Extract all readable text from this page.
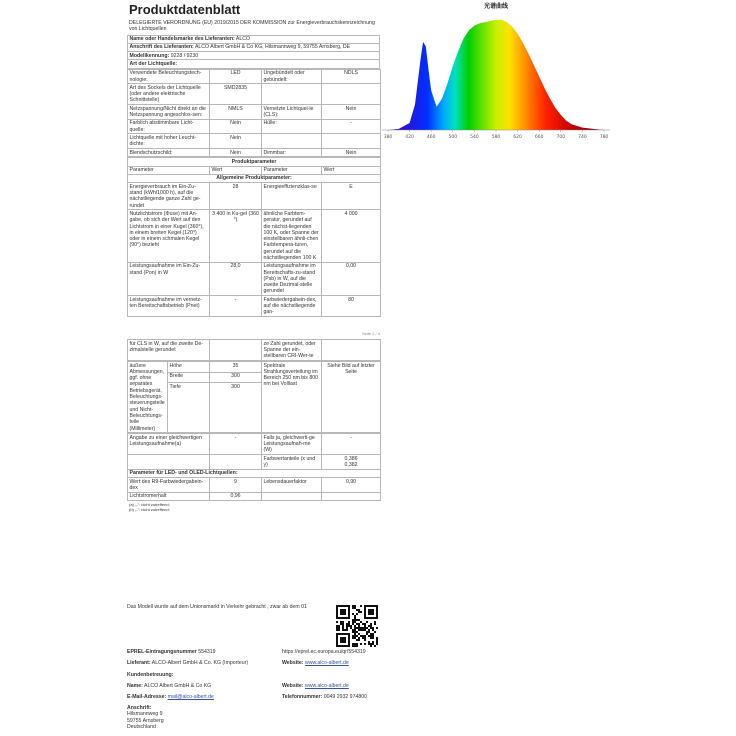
Produktdatenblatt
DELEGIERTE VERORDNUNG (EU) 2019/2015 DER KOMMISSION zur Energieverbrauchskennzeichnung von Lichtquellen
Name oder Handelsmarke des Lieferanten: ALCO
Anschrift des Lieferanten: ALCO Albert GmbH & Co KG, Hilsmannweg 9, 59755 Arnsberg, DE
Modellkennung: 9228 / 9230
Art der Lichtquelle:
Verwendete Beleuchtungstech-nologie:	LED	Ungebündelt oder gebündelt:	NDLS
Art des Sockels der Lichtquelle (oder andere elektrische Schnittstelle)	SMD2835		
Netzspannung/Nicht direkt an die Netzspannung angeschlos-sen:	NMLS	Vernetzte Lichtquel-le (CLS):	Nein
Farblich abstimmbare Licht-quelle:	Nein	Hülle:	-
Lichtquelle mit hoher Leucht-dichte:	Nein		
Blendschutzschild:	Nein	Dimmbar:	Nein
Produktparameter			
Parameter	Wert	Parameter	Wert
Allgemeine Produktparameter:			
Energieverbrauch im Ein-Zu-stand (kWh/1000 h), auf die nächstliegende ganze Zahl ge-rundet	28	Energieeffizienzklas-se	E
Nutzlichtstrom (Φuse) mit An-gabe, ob sich der Wert auf den Lichtstrom in einer Kugel (360°), in einem breiten Kegel (120°) oder in einem schmalen Kegel (90°) bezieht	3 400 in Ku-gel (360 °)	ähnliche Farbtem-peratur, gerundet auf die nächst-liegenden 100 K, oder Spanne der einstellbaren ähnli-chen Farbtempera-turen, gerundet auf die nächstliegenden 100 K	4 000
Leistungsaufnahme im Ein-Zu-stand (Pon) in W	28,0	Leistungsaufnahme im Bereitschafts-zu-stand (Psb) in W, auf die zweite Dezimal-stelle gerundet	0,00
Leistungsaufnahme im vernetz-ten Bereitschaftsbetrieb (Pnet)	-	Farbwiedergabein-dex, auf die nächstliegende gan-	80
Seite 2 / 4
für CLS in W, auf die zweite De-zimalstelle gerundet		ze Zahl gerundet, oder Spanne der ein-stellbaren CRI-Wer-te	
äußere Abmessungen, ggf. ohne separates Betriebsgerät, Beleuchtungs-steuerungsteile und Nicht-Beleuchtungs-teile (Millimeter)	Höhe	35	Spektrale Strahlungsverteilung im Bereich 250 nm bis 800 nm bei Volllast	Siehe Bild auf letzter Seite
	Breite	300		
	Tiefe	300		
Angabe zu einer gleichwertigen Leistungsaufnahme(a)	-	Falls ja, gleichwerti-ge Leistungsaufnah-me (W)	-
		Farbwertanteile (x und y)	0,386
0,382
Parameter für LED- und OLED-Lichtquellen:			
Wert des R9-Farbwiedergabein-dex	9	Lebensdauerfaktor	0,90
Lichtstromerhalt	0,96		
(a) „-": nicht zutreffend;
(b) „-": nicht zutreffend;
Das Modell wurde auf dem Unionsmarkt in Verkehr gebracht , zwar ab dem 01
EPREL-Eintragungsnummer 554319	https://eprel.ec.europa.eu/qr/554319
Lieferant: ALCO-Albert GmbH & Co. KG (Importeur)	Website: www.alco-albert.de
Kundenbetreuung:
Name: ALCO Albert GmbH & Co KG	Website: www.alco-albert.de
E-Mail-Adresse: mail@alco-albert.de	Telefonnummer: 0049 2932 974800
Anschrift:
Hilsmannweg 9
59755 Arnsberg
Deutschland
光谱曲线
380	420	460	500	540	580	620	660	700	740	780
